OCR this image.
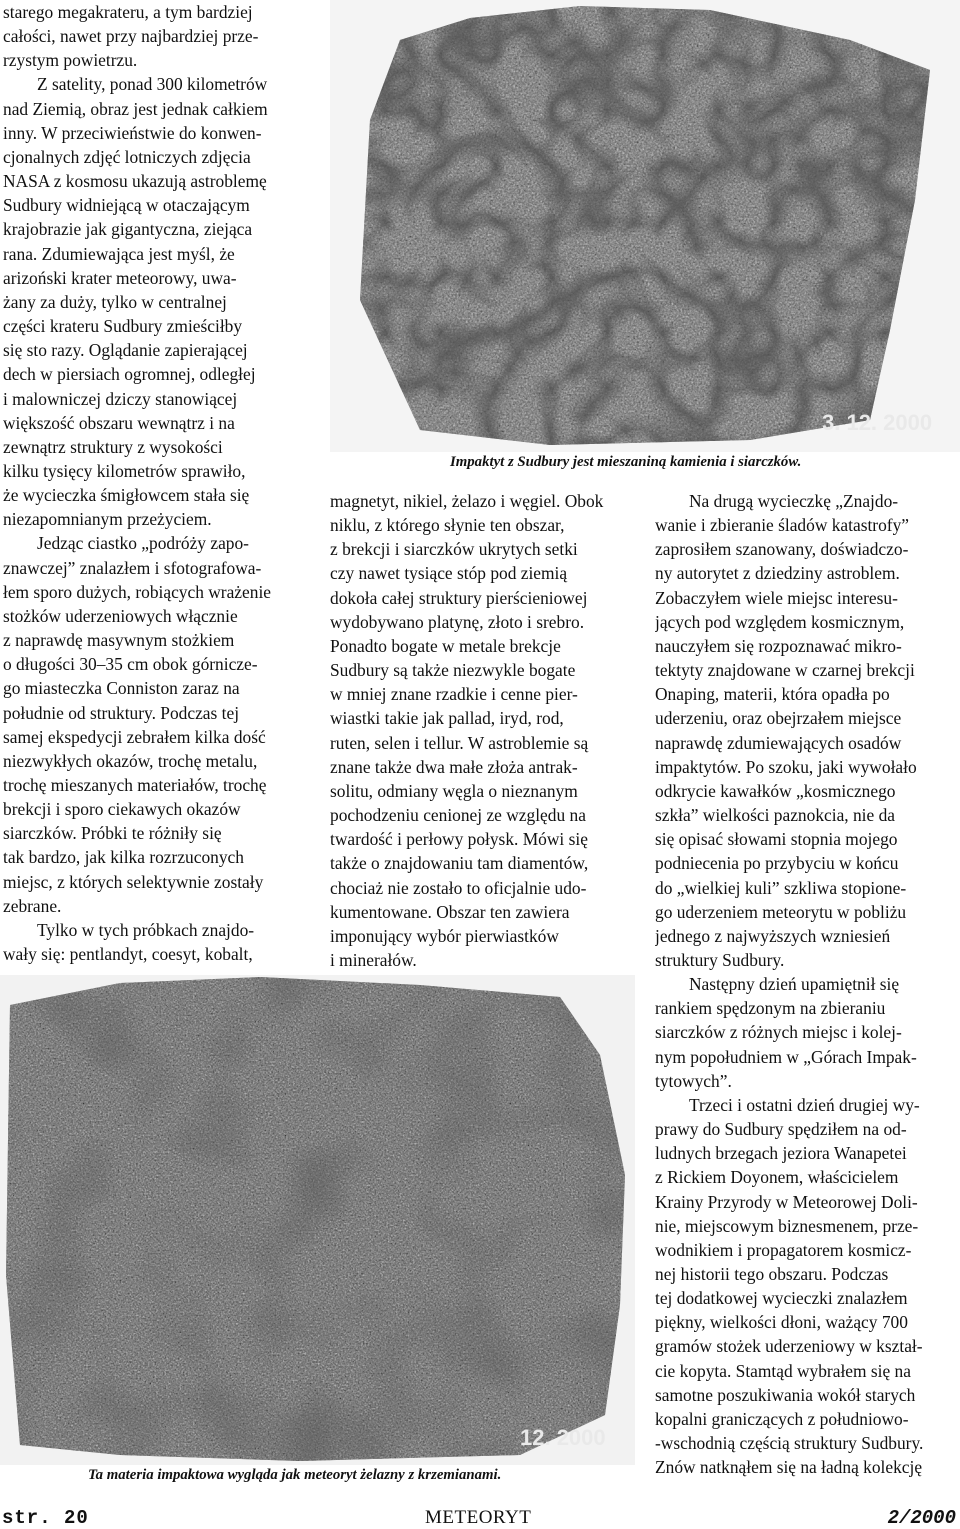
starego megakrateru, a tym bardziej
całości, nawet przy najbardziej prze-
rzystym powietrzu.
Z satelity, ponad 300 kilometrów
nad Ziemią, obraz jest jednak całkiem
inny. W przeciwieństwie do konwen-
cjonalnych zdjęć lotniczych zdjęcia
NASA z kosmosu ukazują astroblemę
Sudbury widniejącą w otaczającym
krajobrazie jak gigantyczna, ziejąca
rana. Zdumiewająca jest myśl, że
arizoński krater meteorowy, uwa-
żany za duży, tylko w centralnej
części krateru Sudbury zmieściłby
się sto razy. Oglądanie zapierającej
dech w piersiach ogromnej, odległej
i malowniczej dziczy stanowiącej
większość obszaru wewnątrz i na
zewnątrz struktury z wysokości
kilku tysięcy kilometrów sprawiło,
że wycieczka śmigłowcem stała się
niezapomnianym przeżyciem.
Jedząc ciastko „podróży zapo-
znawczej” znalazłem i sfotografowa-
łem sporo dużych, robiących wrażenie
stożków uderzeniowych włącznie
z naprawdę masywnym stożkiem
o długości 30–35 cm obok górnicze-
go miasteczka Conniston zaraz na
południe od struktury. Podczas tej
samej ekspedycji zebrałem kilka dość
niezwykłych okazów, trochę metalu,
trochę mieszanych materiałów, trochę
brekcji i sporo ciekawych okazów
siarczków. Próbki te różniły się
tak bardzo, jak kilka rozrzuconych
miejsc, z których selektywnie zostały
zebrane.
Tylko w tych próbkach znajdo-
wały się: pentlandyt, coesyt, kobalt,
magnetyt, nikiel, żelazo i węgiel. Obok
niklu, z którego słynie ten obszar,
z brekcji i siarczków ukrytych setki
czy nawet tysiące stóp pod ziemią
dokoła całej struktury pierścieniowej
wydobywano platynę, złoto i srebro.
Ponadto bogate w metale brekcje
Sudbury są także niezwykle bogate
w mniej znane rzadkie i cenne pier-
wiastki takie jak pallad, iryd, rod,
ruten, selen i tellur. W astroblemie są
znane także dwa małe złoża antrak-
solitu, odmiany węgla o nieznanym
pochodzeniu cenionej ze względu na
twardość i perłowy połysk. Mówi się
także o znajdowaniu tam diamentów,
chociaż nie zostało to oficjalnie udo-
kumentowane. Obszar ten zawiera
imponujący wybór pierwiastków
i minerałów.
Na drugą wycieczkę „Znajdo-
wanie i zbieranie śladów katastrofy”
zaprosiłem szanowany, doświadczo-
ny autorytet z dziedziny astroblem.
Zobaczyłem wiele miejsc interesu-
jących pod względem kosmicznym,
nauczyłem się rozpoznawać mikro-
tektyty znajdowane w czarnej brekcji
Onaping, materii, która opadła po
uderzeniu, oraz obejrzałem miejsce
naprawdę zdumiewających osadów
impaktytów. Po szoku, jaki wywołało
odkrycie kawałków „kosmicznego
szkła” wielkości paznokcia, nie da
się opisać słowami stopnia mojego
podniecenia po przybyciu w końcu
do „wielkiej kuli” szkliwa stopione-
go uderzeniem meteorytu w pobliżu
jednego z najwyższych wzniesień
struktury Sudbury.
Następny dzień upamiętnił się
rankiem spędzonym na zbieraniu
siarczków z różnych miejsc i kolej-
nym popołudniem w „Górach Impak-
tytowych”.
Trzeci i ostatni dzień drugiej wy-
prawy do Sudbury spędziłem na od-
ludnych brzegach jeziora Wanapetei
z Rickiem Doyonem, właścicielem
Krainy Przyrody w Meteorowej Doli-
nie, miejscowym biznesmenem, prze-
wodnikiem i propagatorem kosmicz-
nej historii tego obszaru. Podczas
tej dodatkowej wycieczki znalazłem
piękny, wielkości dłoni, ważący 700
gramów stożek uderzeniowy w kształ-
cie kopyta. Stamtąd wybrałem się na
samotne poszukiwania wokół starych
kopalni graniczących z południowo-
-wschodnią częścią struktury Sudbury.
Znów natknąłem się na ładną kolekcję
3. 12. 2000
Impaktyt z Sudbury jest mieszaniną kamienia i siarczków.
12. 2000
Ta materia impaktowa wygląda jak meteoryt żelazny z krzemianami.
str. 20	METEORYT	2/2000
